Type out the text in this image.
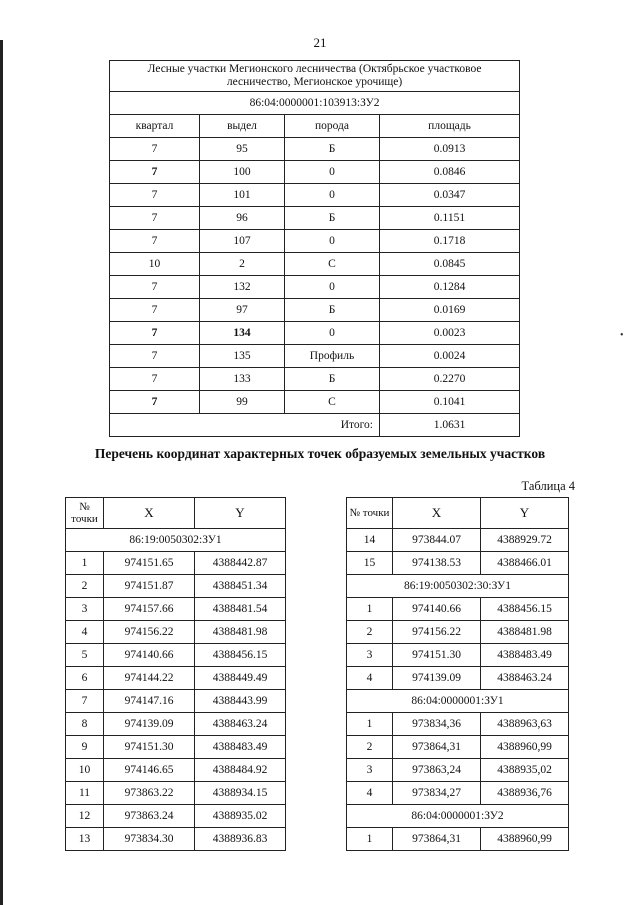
•
21
Лесные участки Мегионского лесничества (Октябрьское участковое лесничество, Мегионское урочище)			
86:04:0000001:103913:ЗУ2			
квартал	выдел	порода	площадь
7	95	Б	0.0913
7	100	0	0.0846
7	101	0	0.0347
7	96	Б	0.1151
7	107	0	0.1718
10	2	С	0.0845
7	132	0	0.1284
7	97	Б	0.0169
7	134	0	0.0023
7	135	Профиль	0.0024
7	133	Б	0.2270
7	99	С	0.1041
Итого:			1.0631
Перечень координат характерных точек образуемых земельных участков
Таблица 4
№ точки	X	Y
86:19:0050302:ЗУ1		
1	974151.65	4388442.87
2	974151.87	4388451.34
3	974157.66	4388481.54
4	974156.22	4388481.98
5	974140.66	4388456.15
6	974144.22	4388449.49
7	974147.16	4388443.99
8	974139.09	4388463.24
9	974151.30	4388483.49
10	974146.65	4388484.92
11	973863.22	4388934.15
12	973863.24	4388935.02
13	973834.30	4388936.83
№ точки	X	Y
14	973844.07	4388929.72
15	974138.53	4388466.01
86:19:0050302:30:ЗУ1		
1	974140.66	4388456.15
2	974156.22	4388481.98
3	974151.30	4388483.49
4	974139.09	4388463.24
86:04:0000001:ЗУ1		
1	973834,36	4388963,63
2	973864,31	4388960,99
3	973863,24	4388935,02
4	973834,27	4388936,76
86:04:0000001:ЗУ2		
1	973864,31	4388960,99
